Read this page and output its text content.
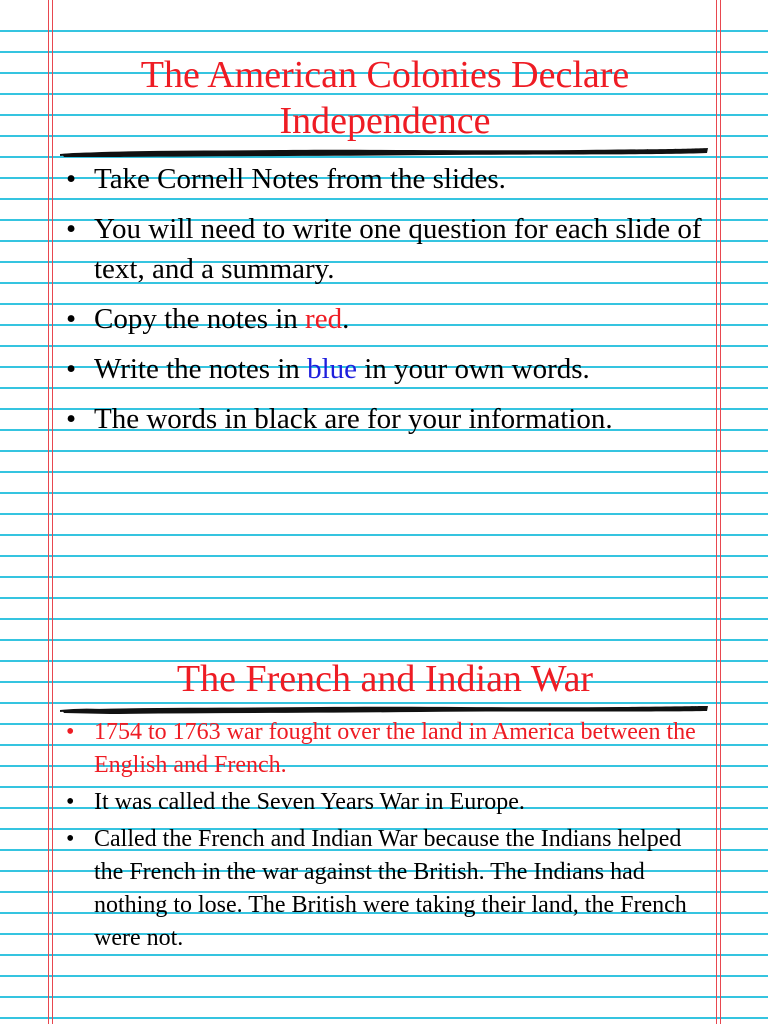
The American Colonies Declare
Independence
• Take Cornell Notes from the slides.
• You will need to write one question for each slide of text, and a summary.
• Copy the notes in red.
• Write the notes in blue in your own words.
• The words in black are for your information.
The French and Indian War
• 1754 to 1763 war fought over the land in America between the English and French.
• It was called the Seven Years War in Europe.
• Called the French and Indian War because the Indians helped the French in the war against the British. The Indians had nothing to lose. The British were taking their land, the French were not.
